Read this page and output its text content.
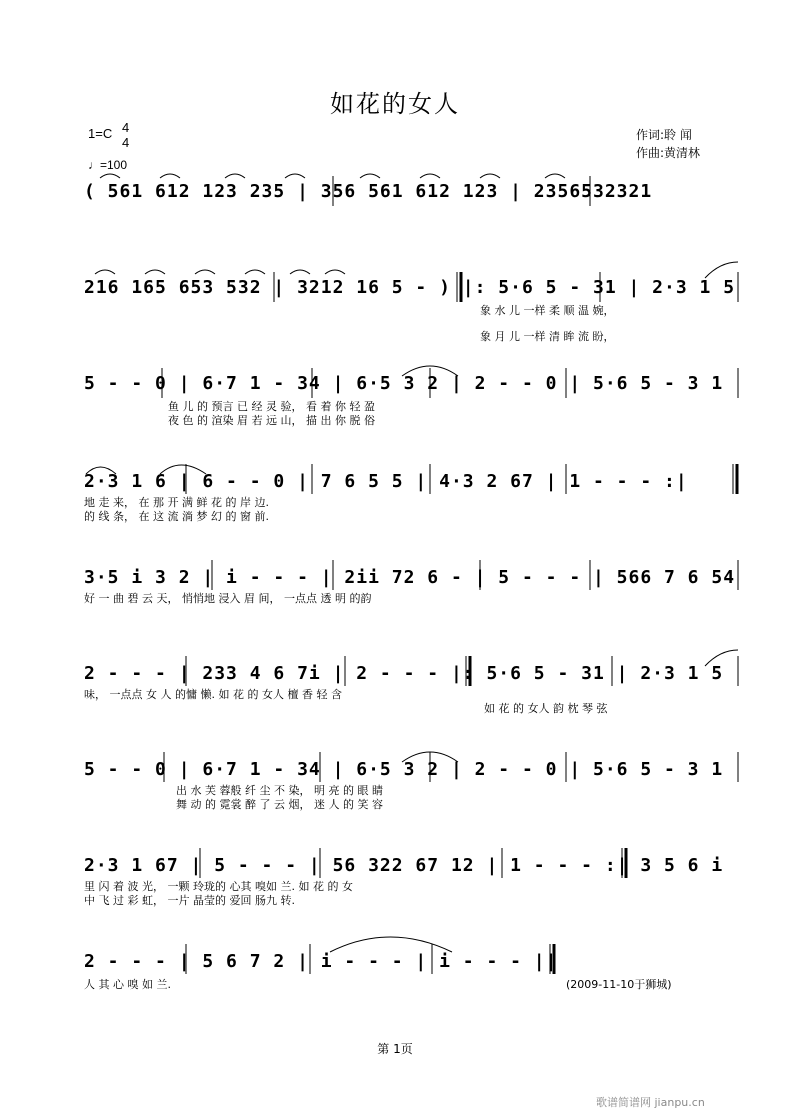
如花的女人
1=C 4
4
♩=100
作词:聆 闻
作曲:黄清林
( 561 612 123 235 | 356 561 612 123 | 2356532321
216 165 653 532 | 3212 16 5 - ) |: 5·6 5 - 31 | 2·3 1 5
象 水 儿 一样 柔 顺 温 婉，
象 月 儿 一样 清 眸 流 盼，
5 - - 0 | 6·7 1 - 34 | 6·5 3 2 | 2 - - 0 | 5·6 5 - 3 1
鱼 儿 的 预言 已 经 灵 验， 看 着 你 轻 盈
夜 色 的 渲染 眉 若 远 山， 描 出 你 脱 俗
2·3 1 6 | 6 - - 0 | 7 6 5 5 | 4·3 2 67 | 1 - - - :|
地 走 来， 在 那 开 满 鲜 花 的 岸 边.
的 线 条， 在 这 流 淌 梦 幻 的 窗 前.
3·5 i 3 2 | i - - - | 2ii 72 6 - | 5 - - - | 566 7 6 54
好 一 曲 碧 云 天， 悄悄地 浸入 眉 间， 一点点 透 明 的韵
2 - - - | 233 4 6 7i | 2 - - - |: 5·6 5 - 31 | 2·3 1 5
味， 一点点 女 人 的慵 懒. 如 花 的 女人 檀 香 轻 含
如 花 的 女人 韵 枕 琴 弦
5 - - 0 | 6·7 1 - 34 | 6·5 3 2 | 2 - - 0 | 5·6 5 - 3 1
出 水 芙 蓉般 纤 尘 不 染， 明 亮 的 眼 睛
舞 动 的 霓裳 醉 了 云 烟， 迷 人 的 笑 容
2·3 1 67 | 5 - - - | 56 322 67 12 | 1 - - - :| 3 5 6 i
里 闪 着 波 光， 一颗 玲珑的 心其 嗅如 兰. 如 花 的 女
中 飞 过 彩 虹， 一片 晶莹的 爱回 肠九 转.
2 - - - | 5 6 7 2 | i - - - | i - - - ||
人 其 心 嗅 如 兰.	(2009-11-10于狮城)
第 1页
歌谱简谱网 jianpu.cn
